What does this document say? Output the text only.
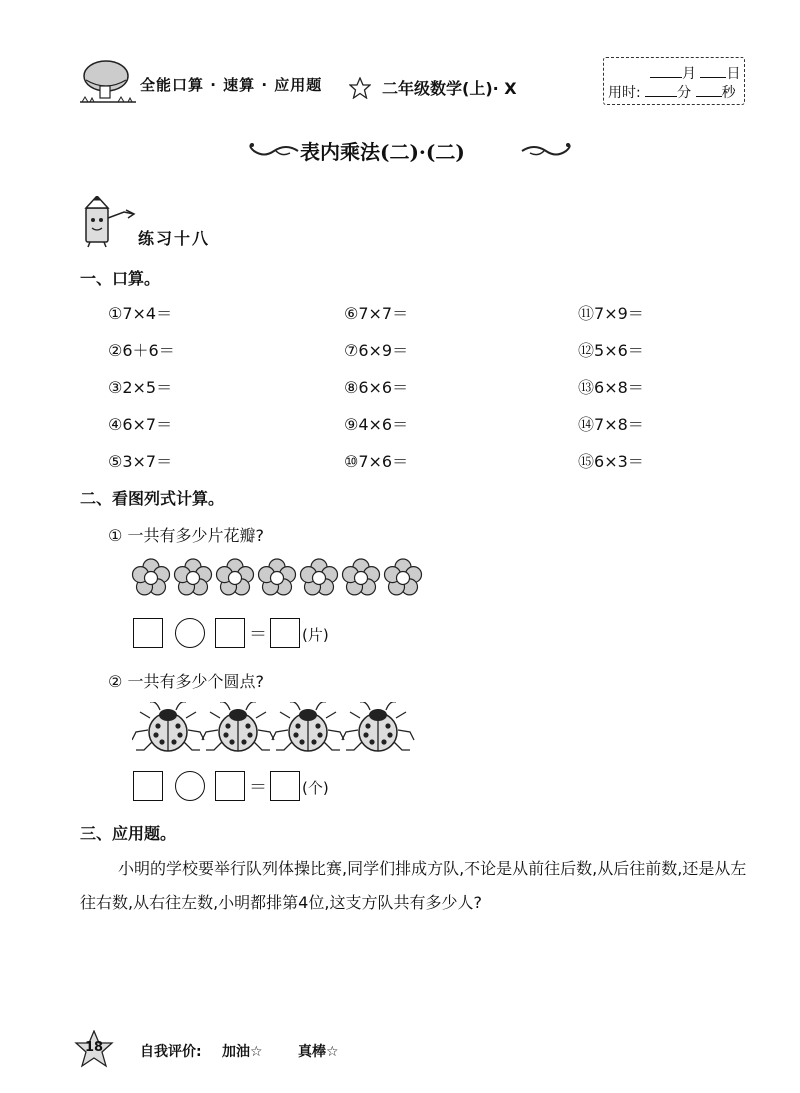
全能口算 · 速算 · 应用题	二年级数学(上)· X
月 日
用时:	分 秒
表内乘法(二)·(二)
练习十八
一、口算。
①7×4＝
②6＋6＝
③2×5＝
④6×7＝
⑤3×7＝
⑥7×7＝
⑦6×9＝
⑧6×6＝
⑨4×6＝
⑩7×6＝
⑪7×9＝
⑫5×6＝
⑬6×8＝
⑭7×8＝
⑮6×3＝
二、看图列式计算。
① 一共有多少片花瓣?
＝ (片)
② 一共有多少个圆点?
＝ (个)
三、应用题。
小明的学校要举行队列体操比赛,同学们排成方队,不论是从前往后数,从后往前数,还是从左往右数,从右往左数,小明都排第4位,这支方队共有多少人?
18	自我评价: 加油☆	真棒☆
